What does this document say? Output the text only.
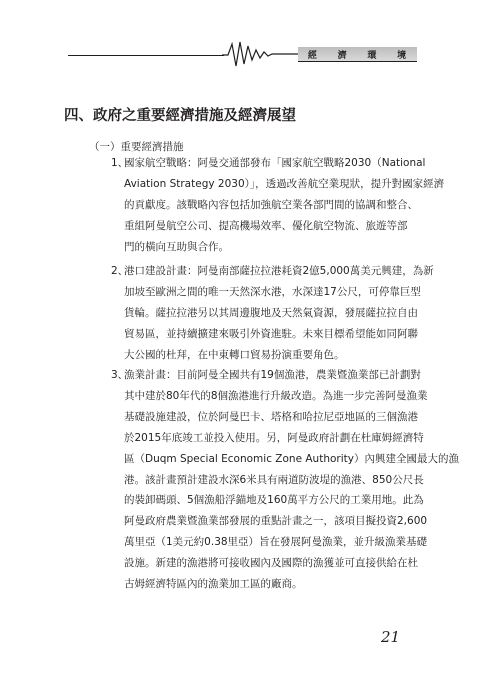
經 濟 環 境
四、政府之重要經濟措施及經濟展望
（一）重要經濟措施
1、
國家航空戰略：阿曼交通部發布「國家航空戰略2030（National
Aviation Strategy 2030）」，透過改善航空業現狀，提升對國家經濟
的貢獻度。該戰略內容包括加強航空業各部門間的協調和整合、
重組阿曼航空公司、提高機場效率、優化航空物流、旅遊等部
門的橫向互助與合作。
2、
港口建設計畫：阿曼南部薩拉拉港耗資2億5,000萬美元興建，為新
加坡至歐洲之間的唯一天然深水港，水深達17公尺，可停靠巨型
貨輪。薩拉拉港另以其周邊腹地及天然氣資源，發展薩拉拉自由
貿易區，並持續擴建來吸引外資進駐。未來目標希望能如同阿聯
大公國的杜拜，在中東轉口貿易扮演重要角色。
3、
漁業計畫：目前阿曼全國共有19個漁港，農業暨漁業部已計劃對
其中建於80年代的8個漁港進行升級改造。為進一步完善阿曼漁業
基礎設施建設，位於阿曼巴卡、塔格和哈拉尼亞地區的三個漁港
於2015年底竣工並投入使用。另，阿曼政府計劃在杜庫姆經濟特
區（Duqm Special Economic Zone Authority）內興建全國最大的漁
港。該計畫預計建設水深6米具有兩道防波堤的漁港、850公尺長
的裝卸碼頭、5個漁船浮錨地及160萬平方公尺的工業用地。此為
阿曼政府農業暨漁業部發展的重點計畫之一，該項目擬投資2,600
萬里亞（1美元約0.38里亞）旨在發展阿曼漁業，並升級漁業基礎
設施。新建的漁港將可接收國內及國際的漁獲並可直接供給在杜
古姆經濟特區內的漁業加工區的廠商。
21
